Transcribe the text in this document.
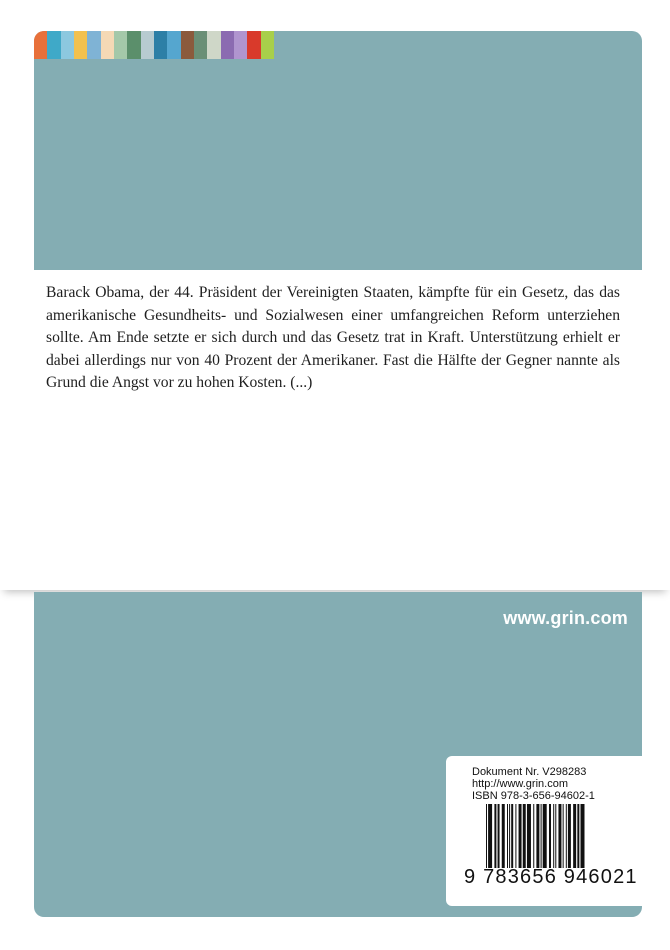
Barack Obama, der 44. Präsident der Vereinigten Staaten, kämpfte für ein Gesetz, das das amerikanische Gesundheits- und Sozialwesen einer umfangreichen Reform unterziehen sollte. Am Ende setzte er sich durch und das Gesetz trat in Kraft. Unterstützung erhielt er dabei allerdings nur von 40 Prozent der Amerikaner. Fast die Hälfte der Gegner nannte als Grund die Angst vor zu hohen Kosten. (...)

www.grin.com
Dokument Nr. V298283
http://www.grin.com
ISBN 978-3-656-94602-1
9 783656 946021
